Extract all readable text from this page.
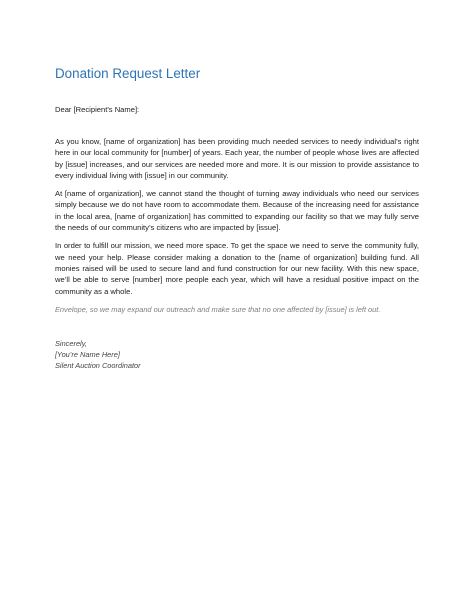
Donation Request Letter

Dear [Recipient's Name]:

As you know, [name of organization] has been providing much needed services to needy individual’s right here in our local community for [number] of years. Each year, the number of people whose lives are affected by [issue] increases, and our services are needed more and more. It is our mission to provide assistance to every individual living with [issue] in our community.

At [name of organization], we cannot stand the thought of turning away individuals who need our services simply because we do not have room to accommodate them. Because of the increasing need for assistance in the local area, [name of organization] has committed to expanding our facility so that we may fully serve the needs of our community’s citizens who are impacted by [issue].

In order to fulfill our mission, we need more space. To get the space we need to serve the community fully, we need your help. Please consider making a donation to the [name of organization] building fund. All monies raised will be used to secure land and fund construction for our new facility. With this new space, we’ll be able to serve [number] more people each year, which will have a residual positive impact on the community as a whole.

Envelope, so we may expand our outreach and make sure that no one affected by [issue] is left out.

Sincerely,
[You’re Name Here]
Silent Auction Coordinator
